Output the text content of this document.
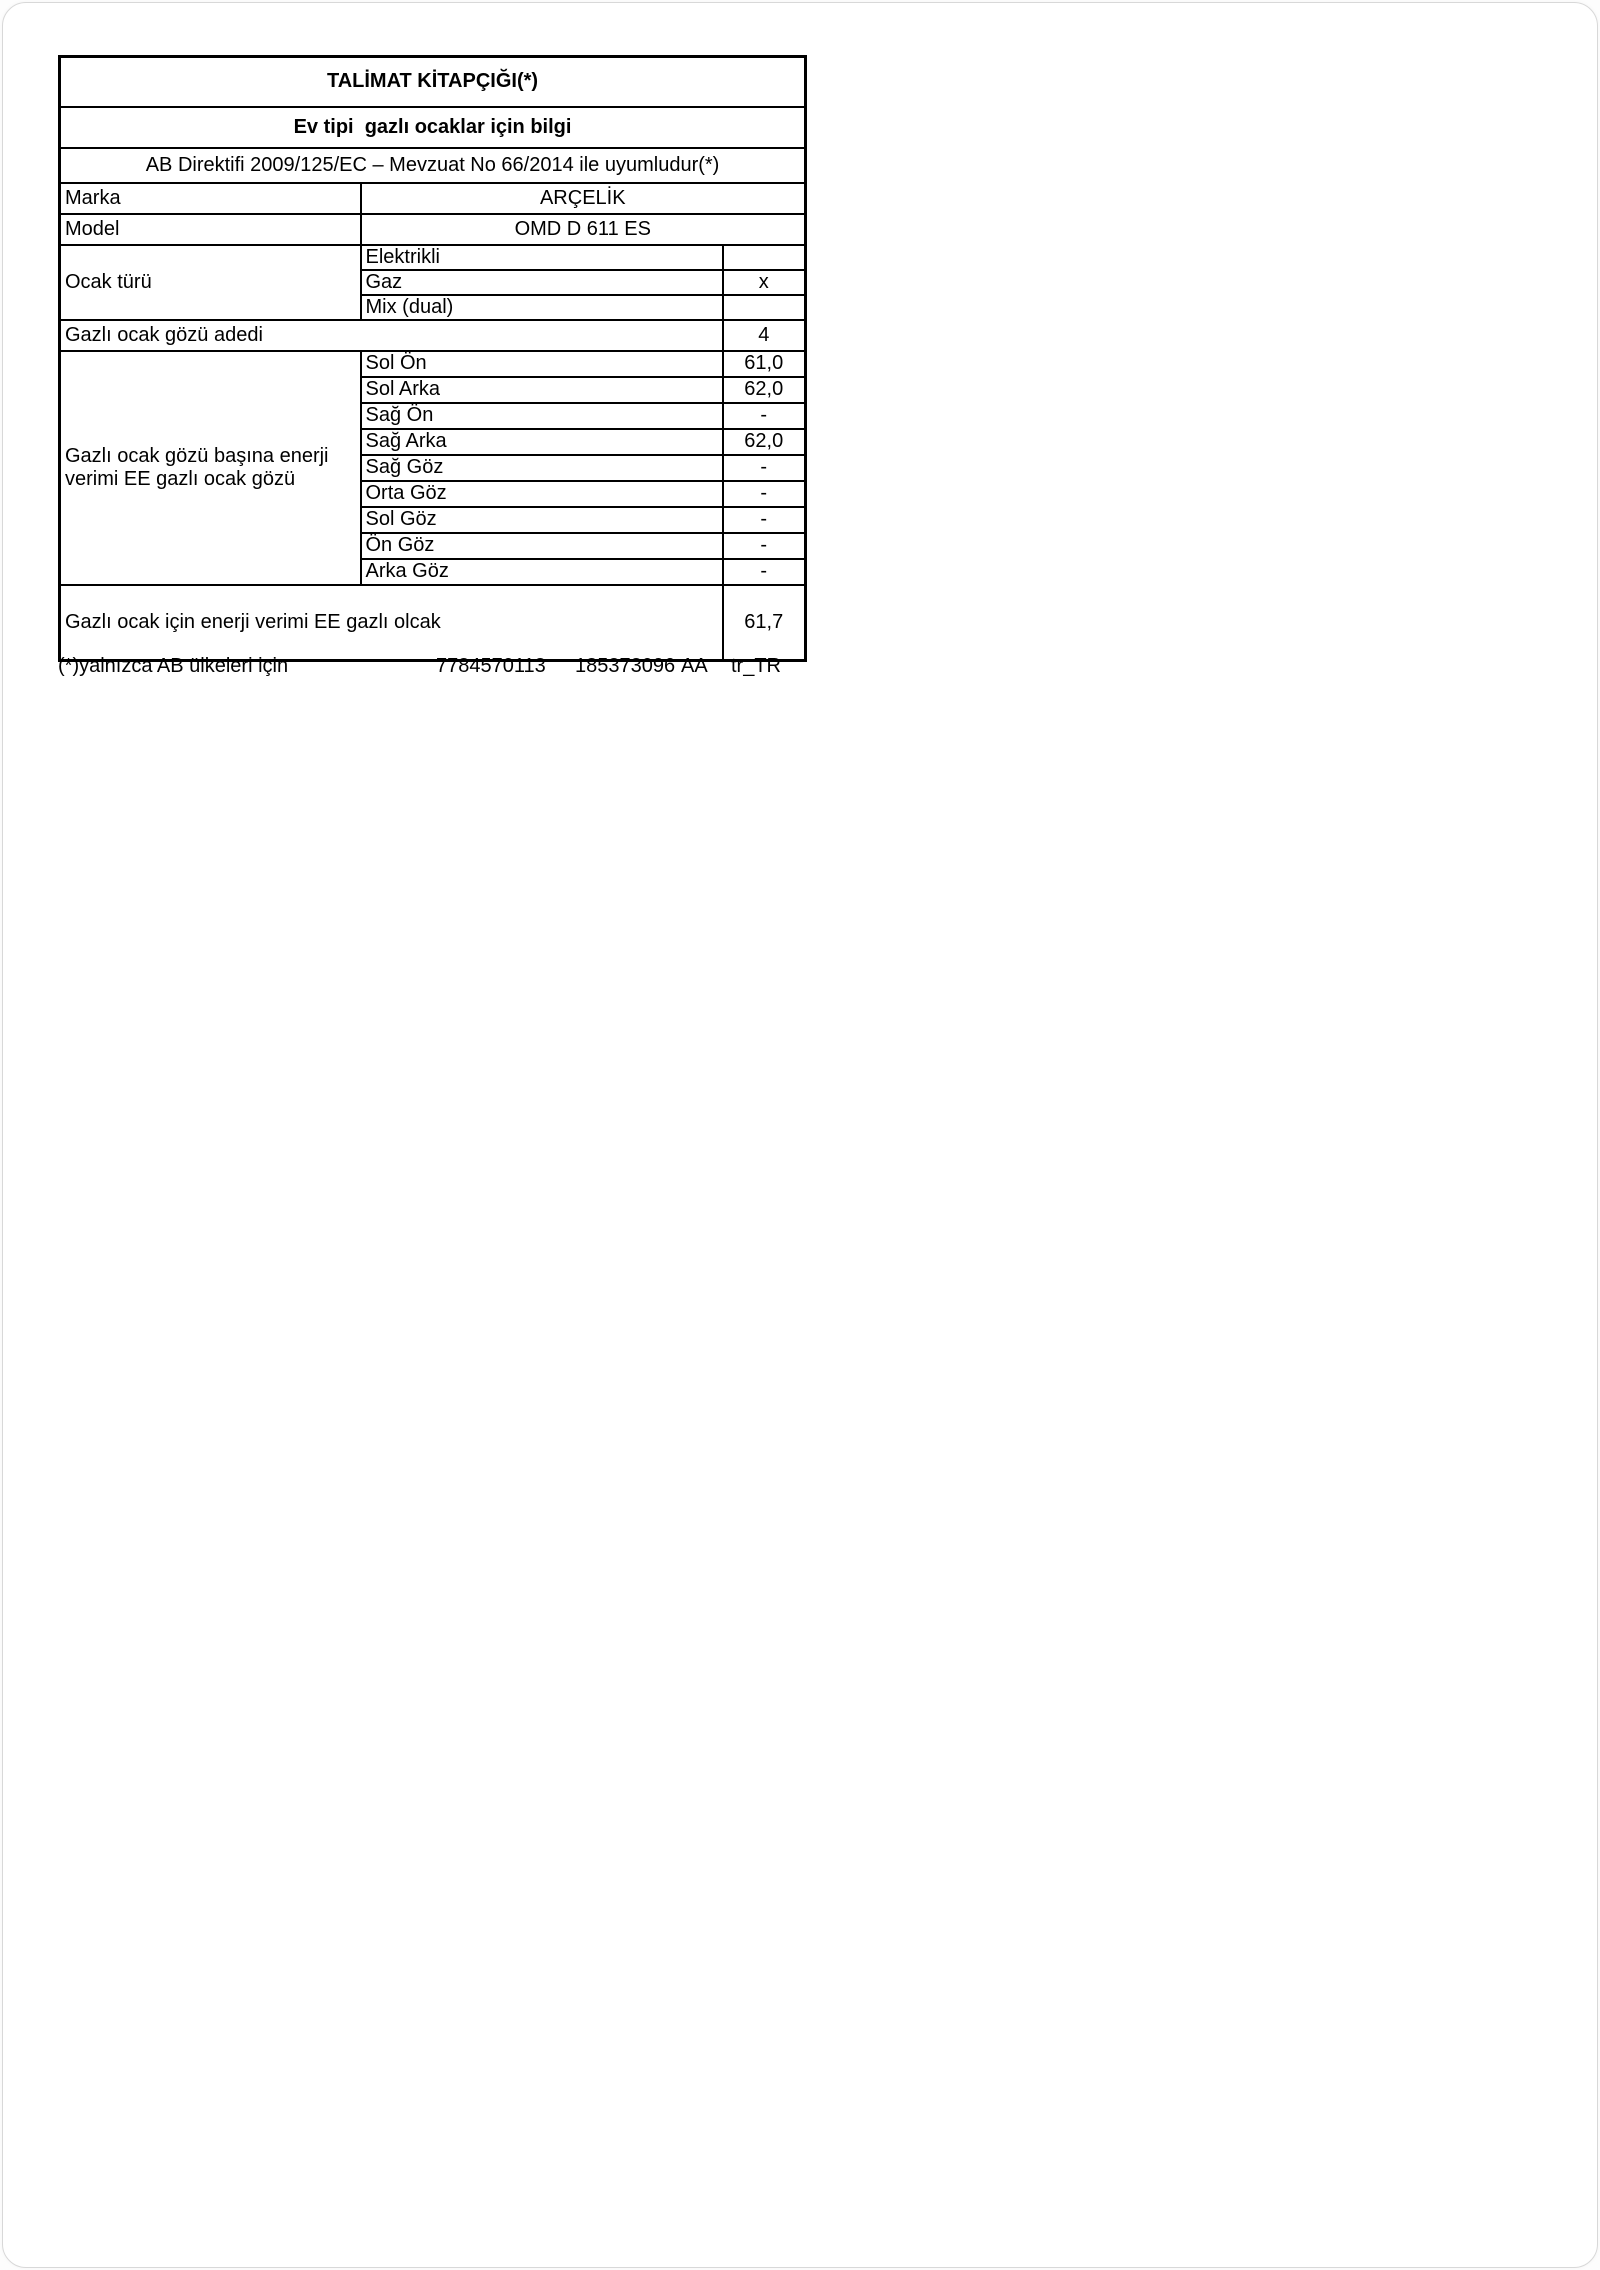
TALİMAT KİTAPÇIĞI(*)		
Ev tipi  gazlı ocaklar için bilgi		
AB Direktifi 2009/125/EC – Mevzuat No 66/2014 ile uyumludur(*)		
Marka	ARÇELİK	
Model	OMD D 611 ES	
Ocak türü	Elektrikli	
	Gaz	x
	Mix (dual)	
Gazlı ocak gözü adedi		4
Gazlı ocak gözü başına enerji verimi EE gazlı ocak gözü	Sol Ön	61,0
	Sol Arka	62,0
	Sağ Ön	-
	Sağ Arka	62,0
	Sağ Göz	-
	Orta Göz	-
	Sol Göz	-
	Ön Göz	-
	Arka Göz	-
Gazlı ocak için enerji verimi EE gazlı olcak		61,7
(*)yalnızca AB ülkeleri için	7784570113 185373096 AA tr_TR
